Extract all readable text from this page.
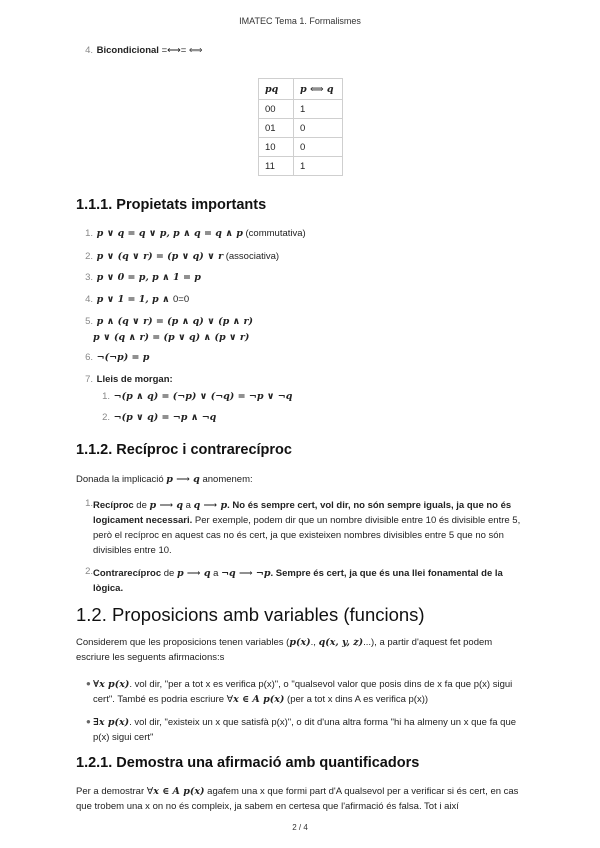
IMATEC Tema 1. Formalismes
4. Bicondicional =⟷= ⟺
pq	p ⟺ q
00	1
01	0
10	0
11	1
1.1.1. Propietats importants
1. p ∨ q = q ∨ p, p ∧ q = q ∧ p (commutativa)
2. p ∨ (q ∨ r) = (p ∨ q) ∨ r (associativa)
3. p ∨ 0 = p, p ∧ 1 = p
4. p ∨ 1 = 1, p ∧ 0=0
5. p ∧ (q ∨ r) = (p ∧ q) ∨ (p ∧ r)
p ∨ (q ∧ r) = (p ∨ q) ∧ (p ∨ r)
6. ¬(¬p) = p
7. Lleis de morgan:
1. ¬(p ∧ q) = (¬p) ∨ (¬q) = ¬p ∨ ¬q
2. ¬(p ∨ q) = ¬p ∧ ¬q
1.1.2. Recíproc i contrarecíproc
Donada la implicació p ⟶ q anomenem:
1. Recíproc de p ⟶ q a q ⟶ p. No és sempre cert, vol dir, no són sempre iguals, ja que no és logicament necessari. Per exemple, podem dir que un nombre divisible entre 10 és divisible entre 5, però el recíproc en aquest cas no és cert, ja que existeixen nombres divisibles entre 5 que no són divisibles entre 10.
2. Contrarecíproc de p ⟶ q a ¬q ⟶ ¬p. Sempre és cert, ja que és una llei fonamental de la lògica.
1.2. Proposicions amb variables (funcions)
Considerem que les proposicions tenen variables (p(x)., q(x, y, z)...), a partir d'aquest fet podem escriure les seguents afirmacions:s
● ∀x p(x). vol dir, "per a tot x es verifica p(x)", o "qualsevol valor que posis dins de x fa que p(x) sigui cert". També es podria escriure ∀x ∈ A p(x) (per a tot x dins A es verifica p(x))
● ∃x p(x). vol dir, "existeix un x que satisfà p(x)", o dit d'una altra forma "hi ha almeny un x que fa que p(x) sigui cert"
1.2.1. Demostra una afirmació amb quantificadors
Per a demostrar ∀x ∈ A p(x) agafem una x que formi part d'A qualsevol per a verificar si és cert, en cas que trobem una x on no és compleix, ja sabem en certesa que l'afirmació és falsa. Tot i així
2 / 4
